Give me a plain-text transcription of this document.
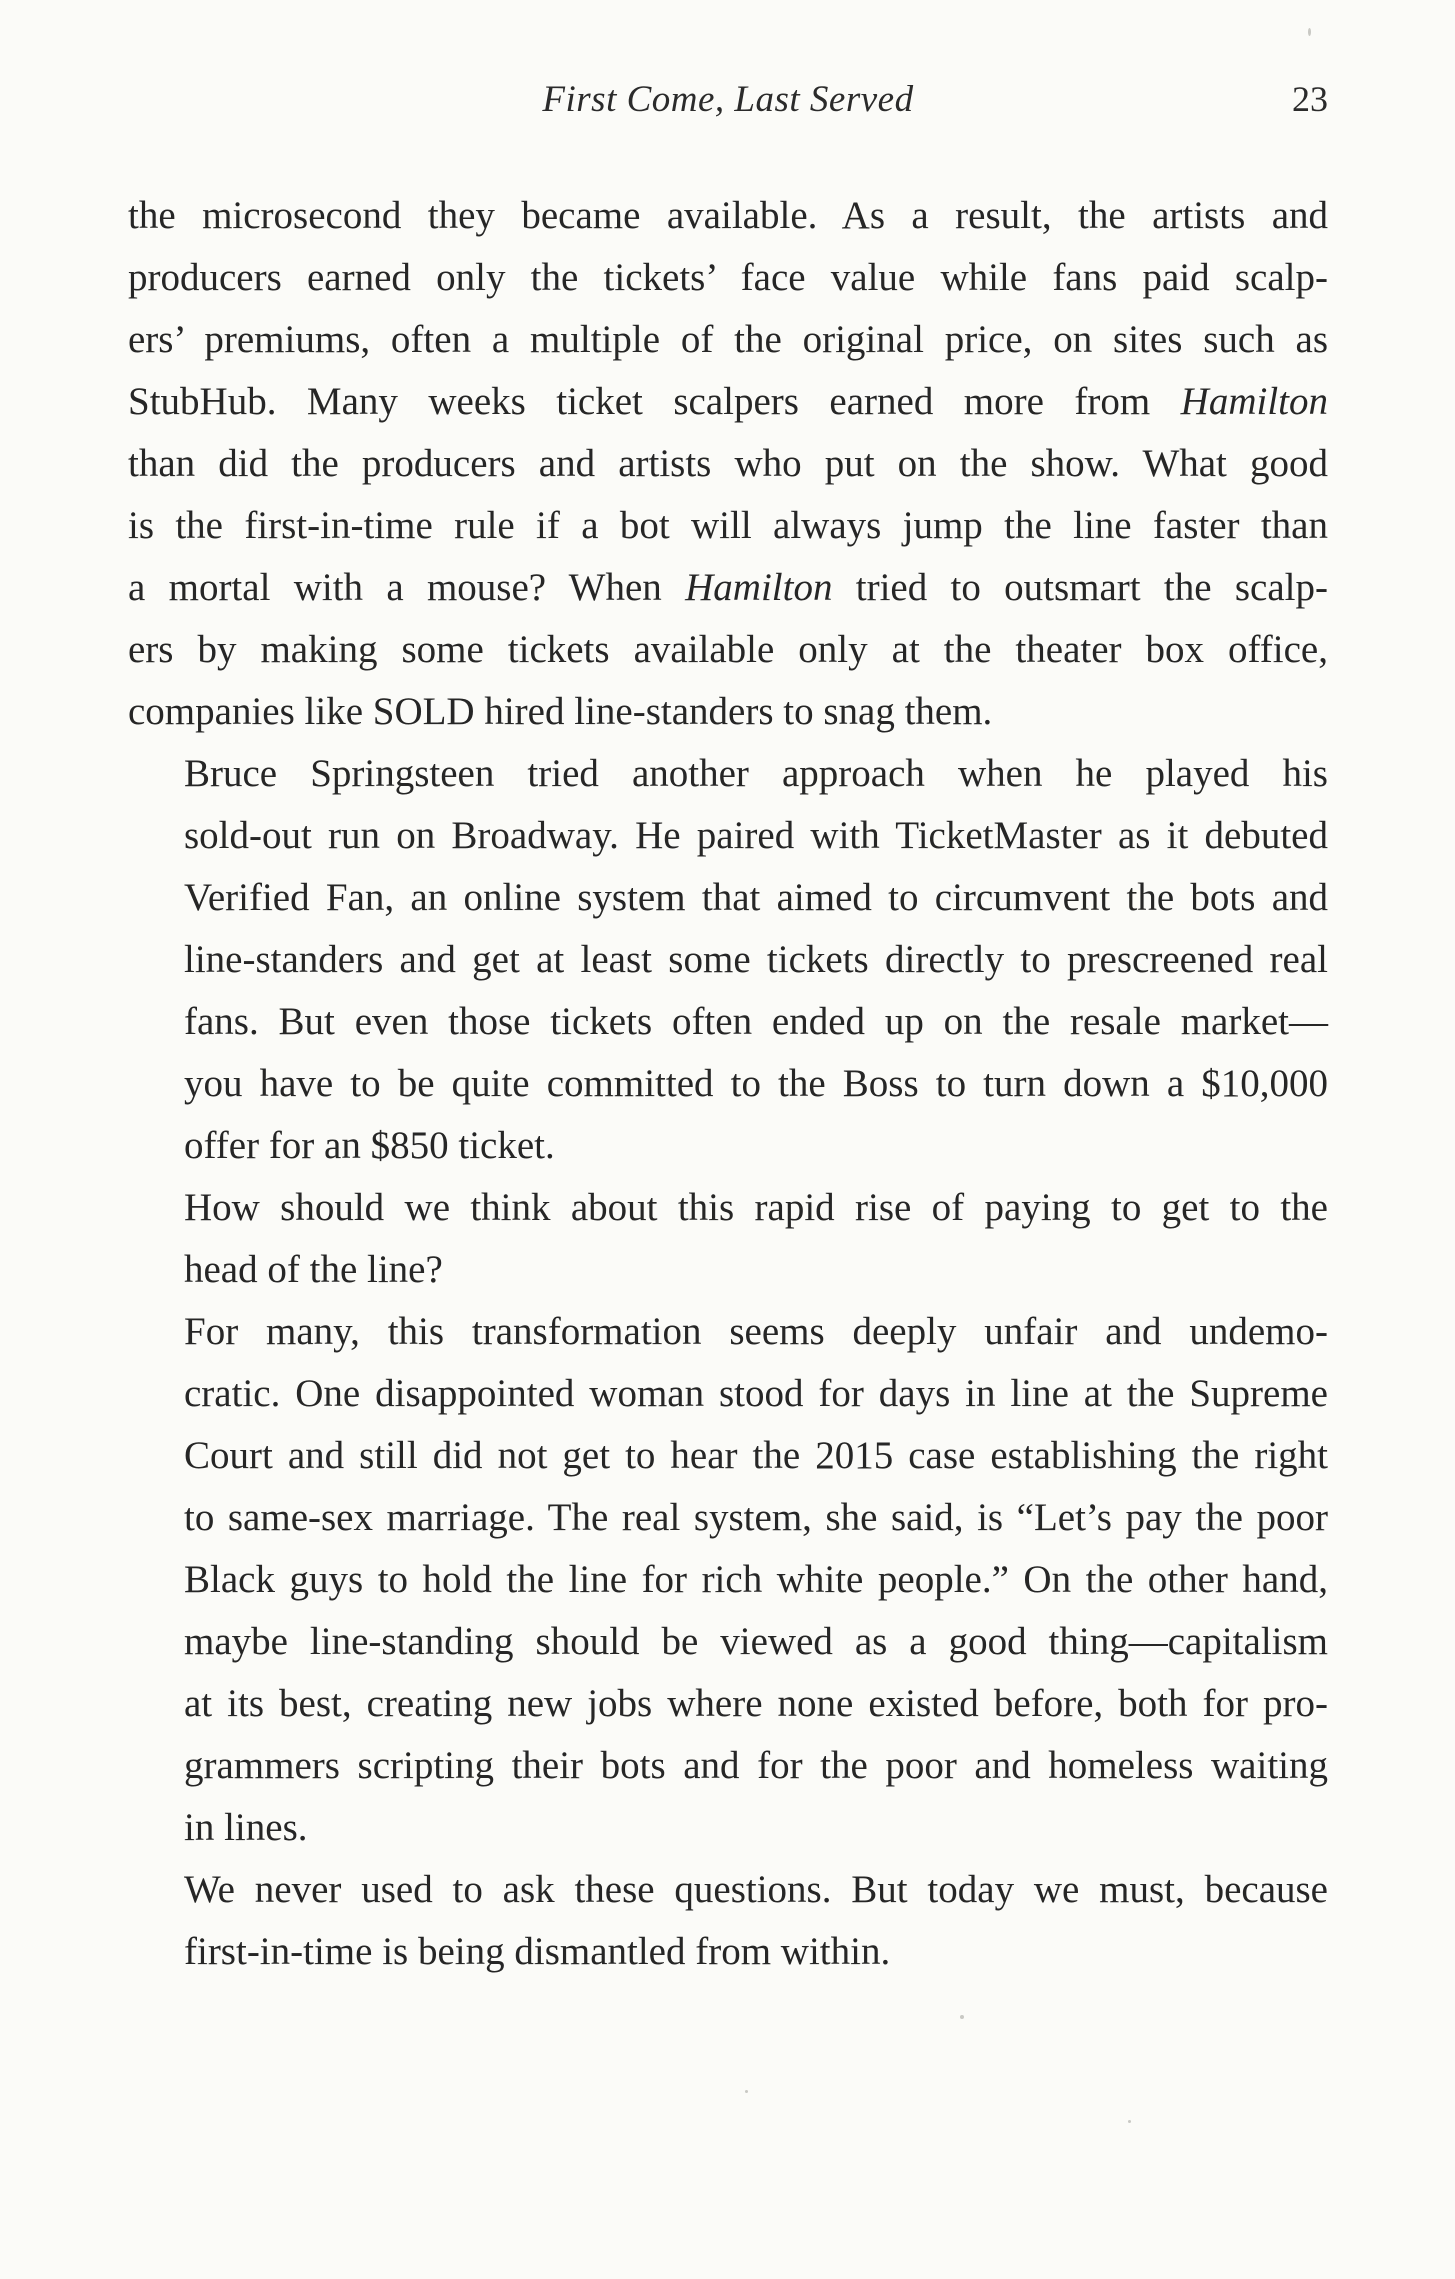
First Come, Last Served	23

the microsecond they became available. As a result, the artists and
producers earned only the tickets’ face value while fans paid scalp-
ers’ premiums, often a multiple of the original price, on sites such as
StubHub. Many weeks ticket scalpers earned more from Hamilton
than did the producers and artists who put on the show. What good
is the first-in-time rule if a bot will always jump the line faster than
a mortal with a mouse? When Hamilton tried to outsmart the scalp-
ers by making some tickets available only at the theater box office,
companies like SOLD hired line-standers to snag them.

Bruce Springsteen tried another approach when he played his
sold-out run on Broadway. He paired with TicketMaster as it debuted
Verified Fan, an online system that aimed to circumvent the bots and
line-standers and get at least some tickets directly to prescreened real
fans. But even those tickets often ended up on the resale market—
you have to be quite committed to the Boss to turn down a $10,000
offer for an $850 ticket.

How should we think about this rapid rise of paying to get to the
head of the line?

For many, this transformation seems deeply unfair and undemo-
cratic. One disappointed woman stood for days in line at the Supreme
Court and still did not get to hear the 2015 case establishing the right
to same-sex marriage. The real system, she said, is “Let’s pay the poor
Black guys to hold the line for rich white people.” On the other hand,
maybe line-standing should be viewed as a good thing—capitalism
at its best, creating new jobs where none existed before, both for pro-
grammers scripting their bots and for the poor and homeless waiting
in lines.

We never used to ask these questions. But today we must, because
first-in-time is being dismantled from within.
